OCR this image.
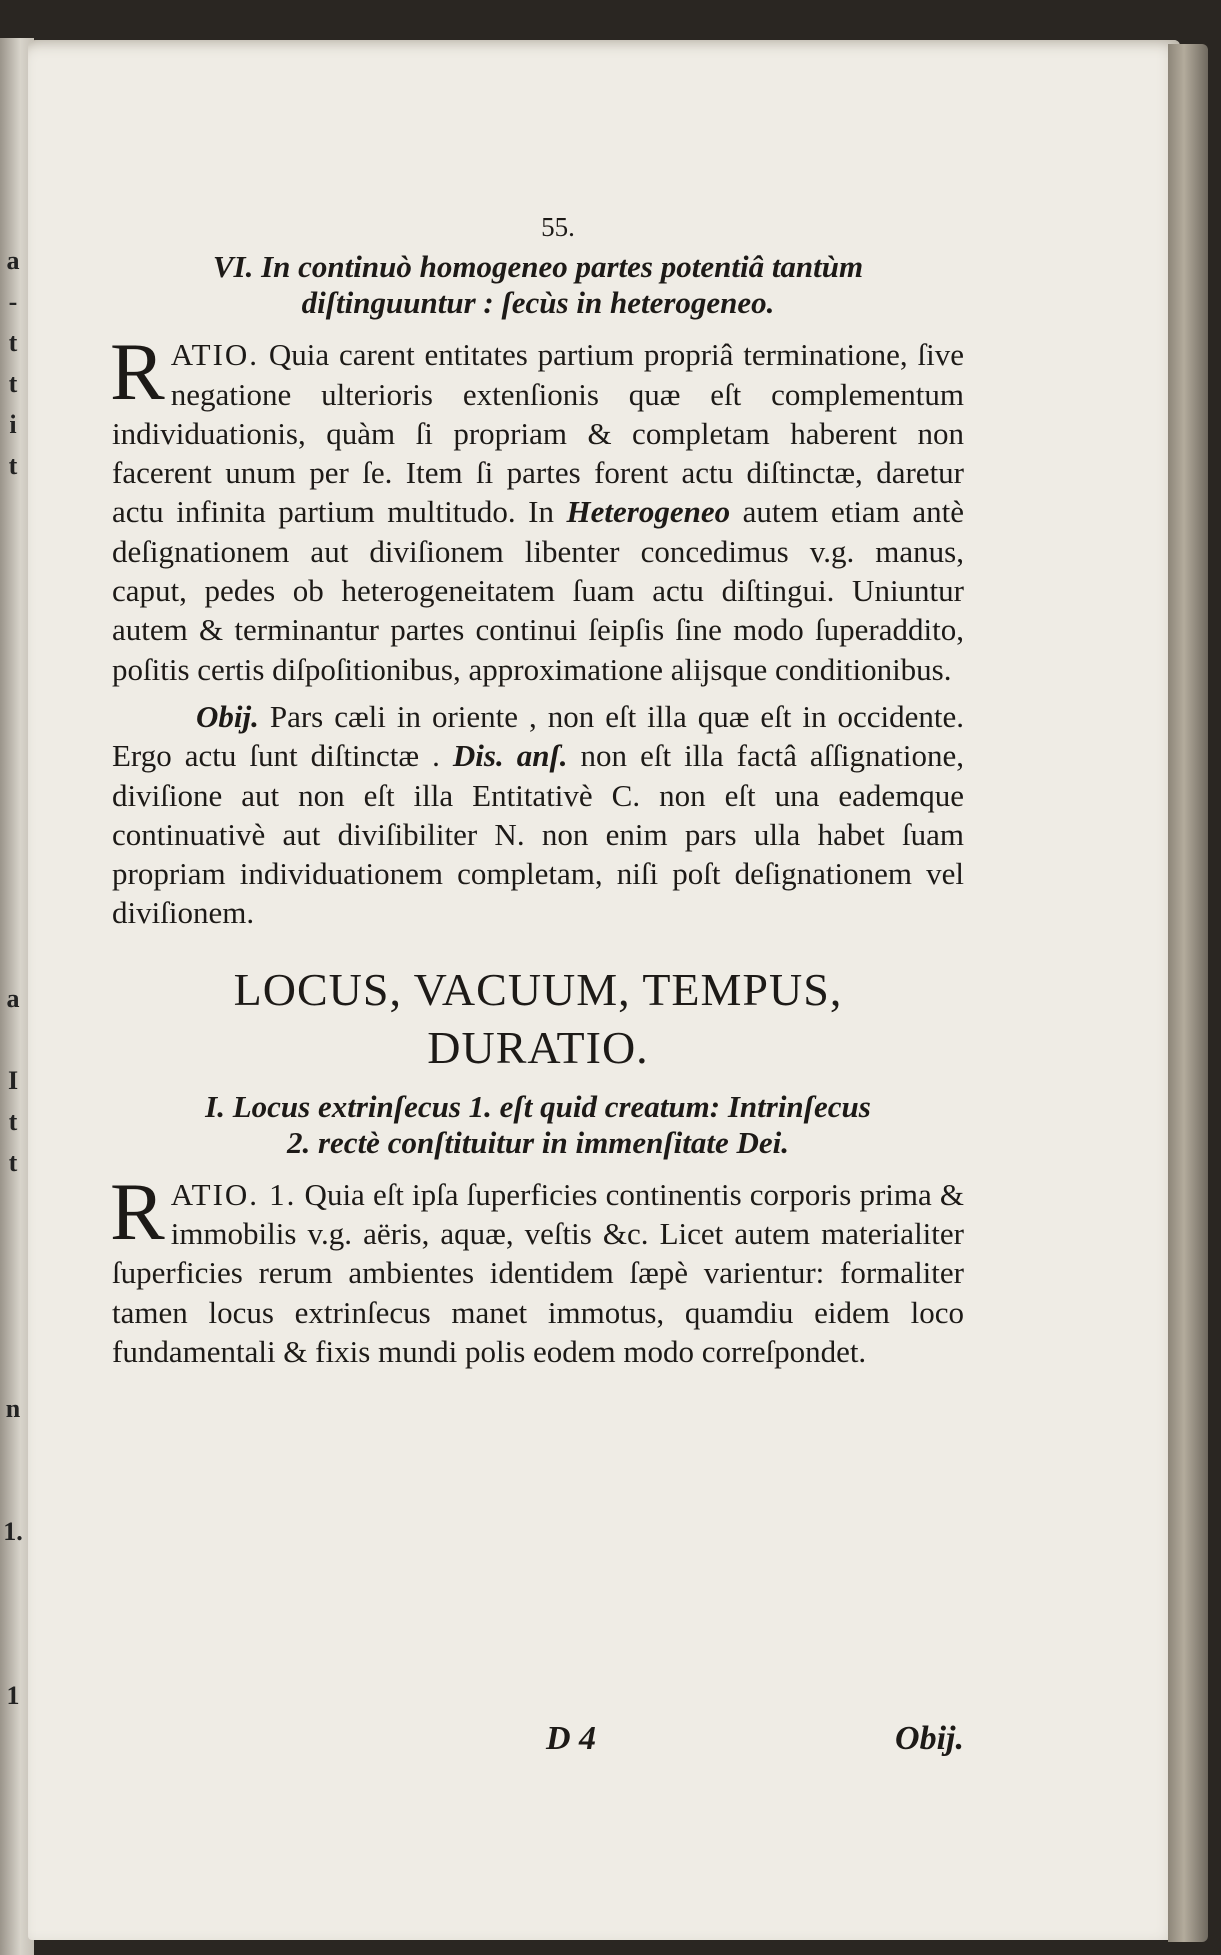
a
-
t
t
i
t

a

I
t
t

n

1.

1
55.
VI. In continuò homogeneo partes potentiâ tantùm
diſtinguuntur : ſecùs in heterogeneo.

R ATIO. Quia carent entitates partium propriâ terminatione, ſive negatione ulterioris extenſionis quæ eſt complementum individuationis, quàm ſi propriam & completam haberent non facerent unum per ſe. Item ſi partes forent actu diſtinctæ, daretur actu infinita partium multitudo. In Heterogeneo autem etiam antè deſignationem aut diviſionem libenter concedimus v.g. manus, caput, pedes ob heterogeneitatem ſuam actu diſtingui. Uniuntur autem & terminantur partes continui ſeipſis ſine modo ſuperaddito, poſitis certis diſpoſitionibus, approximatione alijsque conditionibus.

Obij. Pars cæli in oriente , non eſt illa quæ eſt in occidente. Ergo actu ſunt diſtinctæ . Dis. anſ. non eſt illa factâ aſſignatione, diviſione aut non eſt illa Entitativè C. non eſt una eademque continuativè aut diviſibiliter N. non enim pars ulla habet ſuam propriam individuationem completam, niſi poſt deſignationem vel diviſionem.

LOCUS, VACUUM, TEMPUS,
DURATIO.
I. Locus extrinſecus 1. eſt quid creatum: Intrinſecus
2. rectè conſtituitur in immenſitate Dei.

R ATIO. 1. Quia eſt ipſa ſuperficies continentis corporis prima & immobilis v.g. aëris, aquæ, veſtis &c. Licet autem materialiter ſuperficies rerum ambientes identidem ſæpè varientur: formaliter tamen locus extrinſecus manet immotus, quamdiu eidem loco fundamentali & fixis mundi polis eodem modo correſpondet.

D 4	Obij.
